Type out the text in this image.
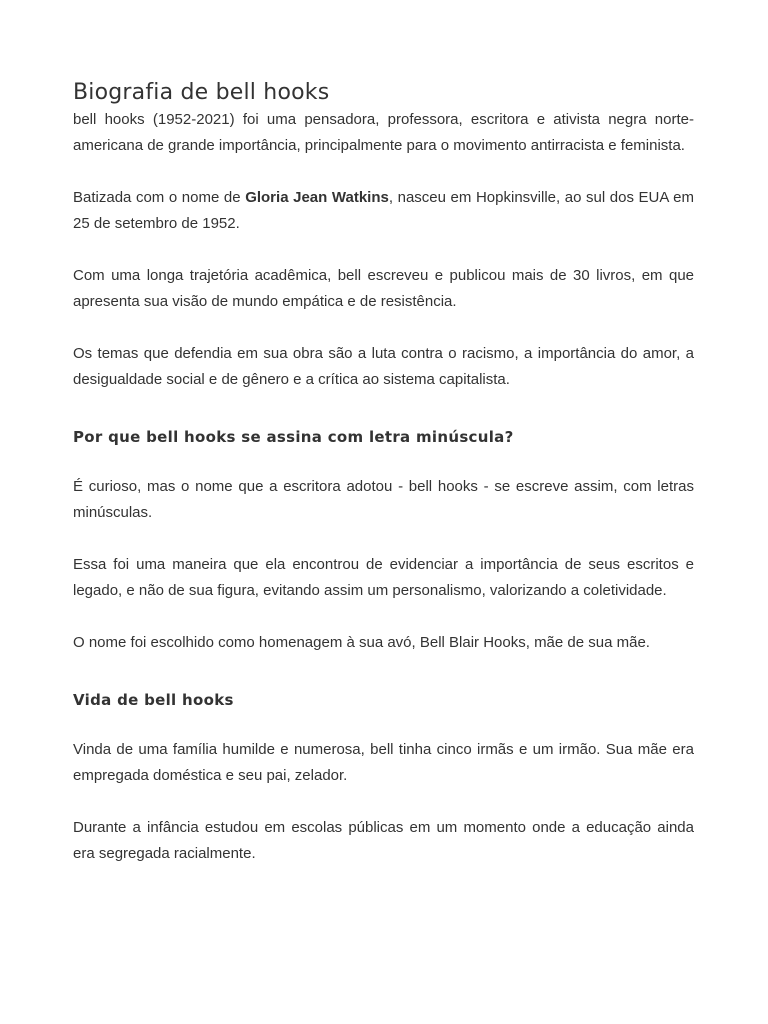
Biografia de bell hooks

bell hooks (1952-2021) foi uma pensadora, professora, escritora e ativista negra norte-americana de grande importância, principalmente para o movimento antirracista e feminista.

Batizada com o nome de Gloria Jean Watkins, nasceu em Hopkinsville, ao sul dos EUA em 25 de setembro de 1952.

Com uma longa trajetória acadêmica, bell escreveu e publicou mais de 30 livros, em que apresenta sua visão de mundo empática e de resistência.

Os temas que defendia em sua obra são a luta contra o racismo, a importância do amor, a desigualdade social e de gênero e a crítica ao sistema capitalista.

Por que bell hooks se assina com letra minúscula?

É curioso, mas o nome que a escritora adotou - bell hooks - se escreve assim, com letras minúsculas.

Essa foi uma maneira que ela encontrou de evidenciar a importância de seus escritos e legado, e não de sua figura, evitando assim um personalismo, valorizando a coletividade.

O nome foi escolhido como homenagem à sua avó, Bell Blair Hooks, mãe de sua mãe.

Vida de bell hooks

Vinda de uma família humilde e numerosa, bell tinha cinco irmãs e um irmão. Sua mãe era empregada doméstica e seu pai, zelador.

Durante a infância estudou em escolas públicas em um momento onde a educação ainda era segregada racialmente.
